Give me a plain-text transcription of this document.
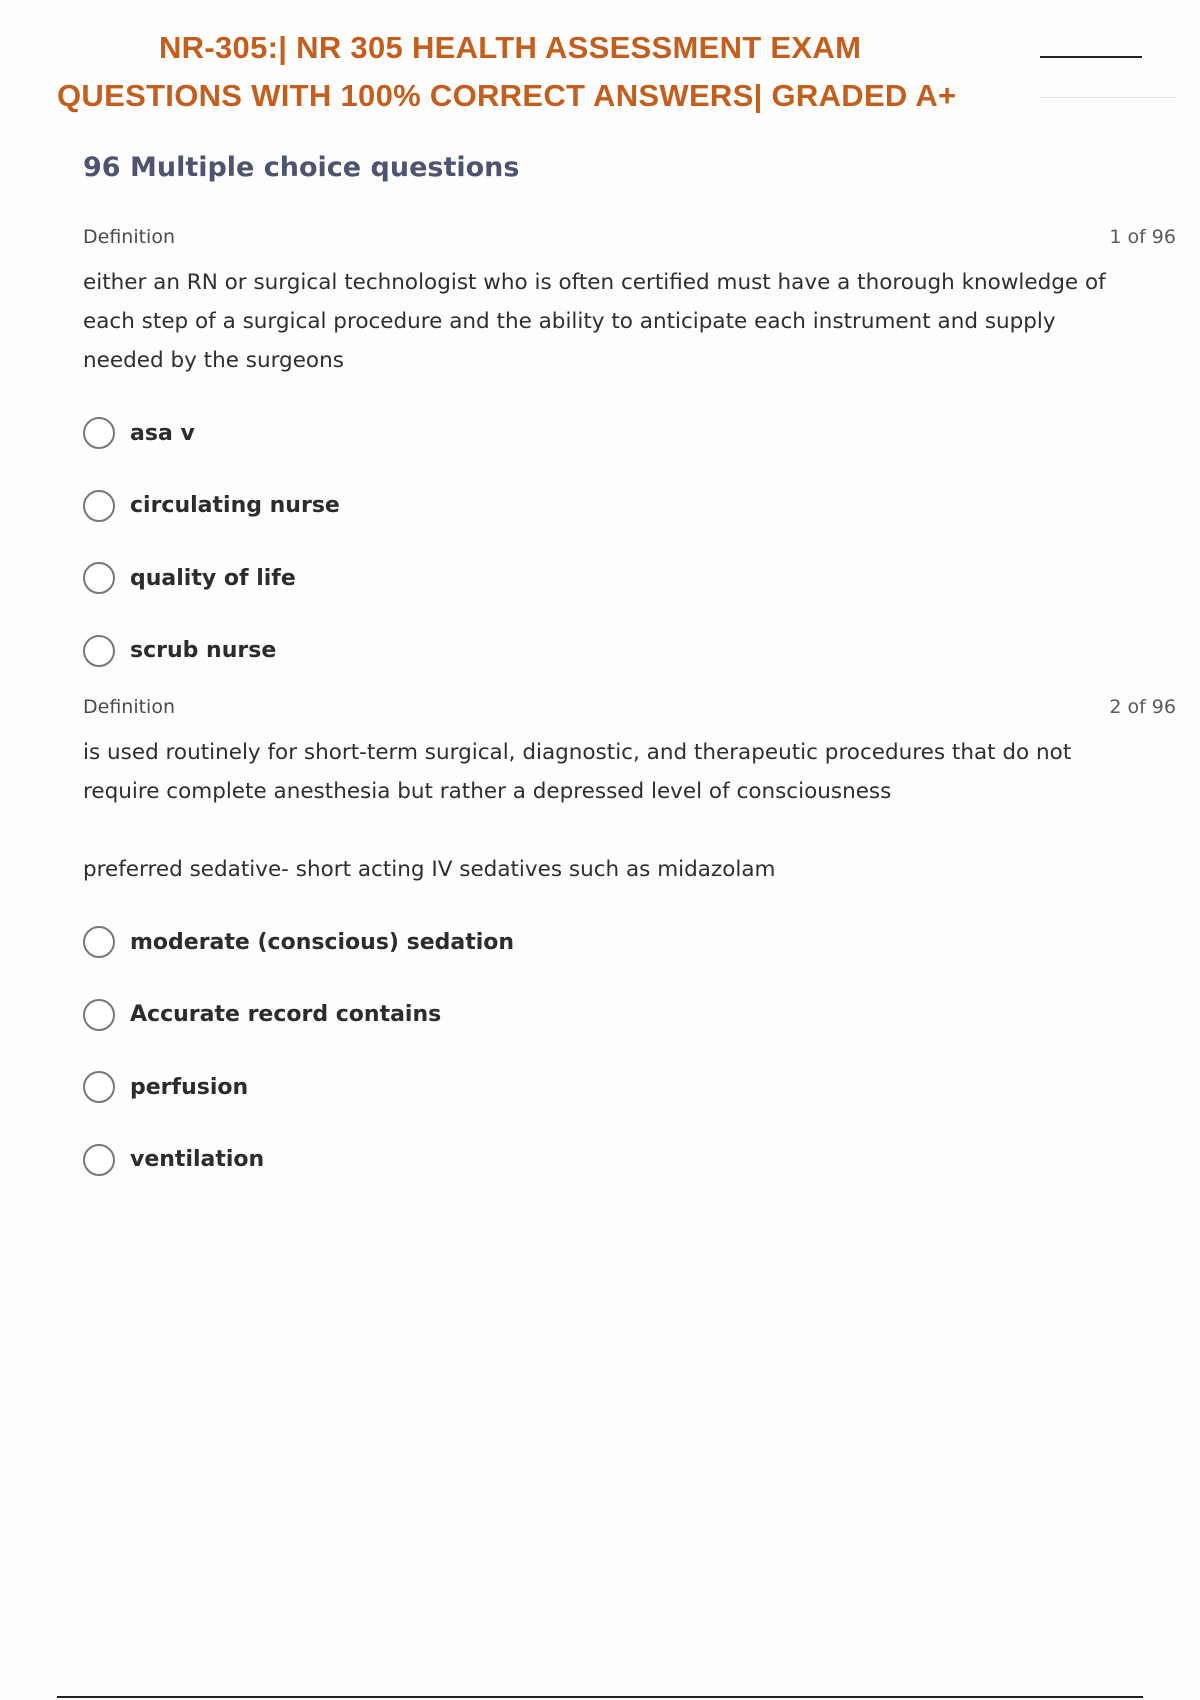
NR-305:| NR 305 HEALTH ASSESSMENT EXAM
QUESTIONS WITH 100% CORRECT ANSWERS| GRADED A+
96 Multiple choice questions
Definition	1 of 96
either an RN or surgical technologist who is often certified must have a thorough knowledge of each step of a surgical procedure and the ability to anticipate each instrument and supply needed by the surgeons
asa v
circulating nurse
quality of life
scrub nurse
Definition	2 of 96
is used routinely for short-term surgical, diagnostic, and therapeutic procedures that do not require complete anesthesia but rather a depressed level of consciousness
preferred sedative- short acting IV sedatives such as midazolam
moderate (conscious) sedation
Accurate record contains
perfusion
ventilation
